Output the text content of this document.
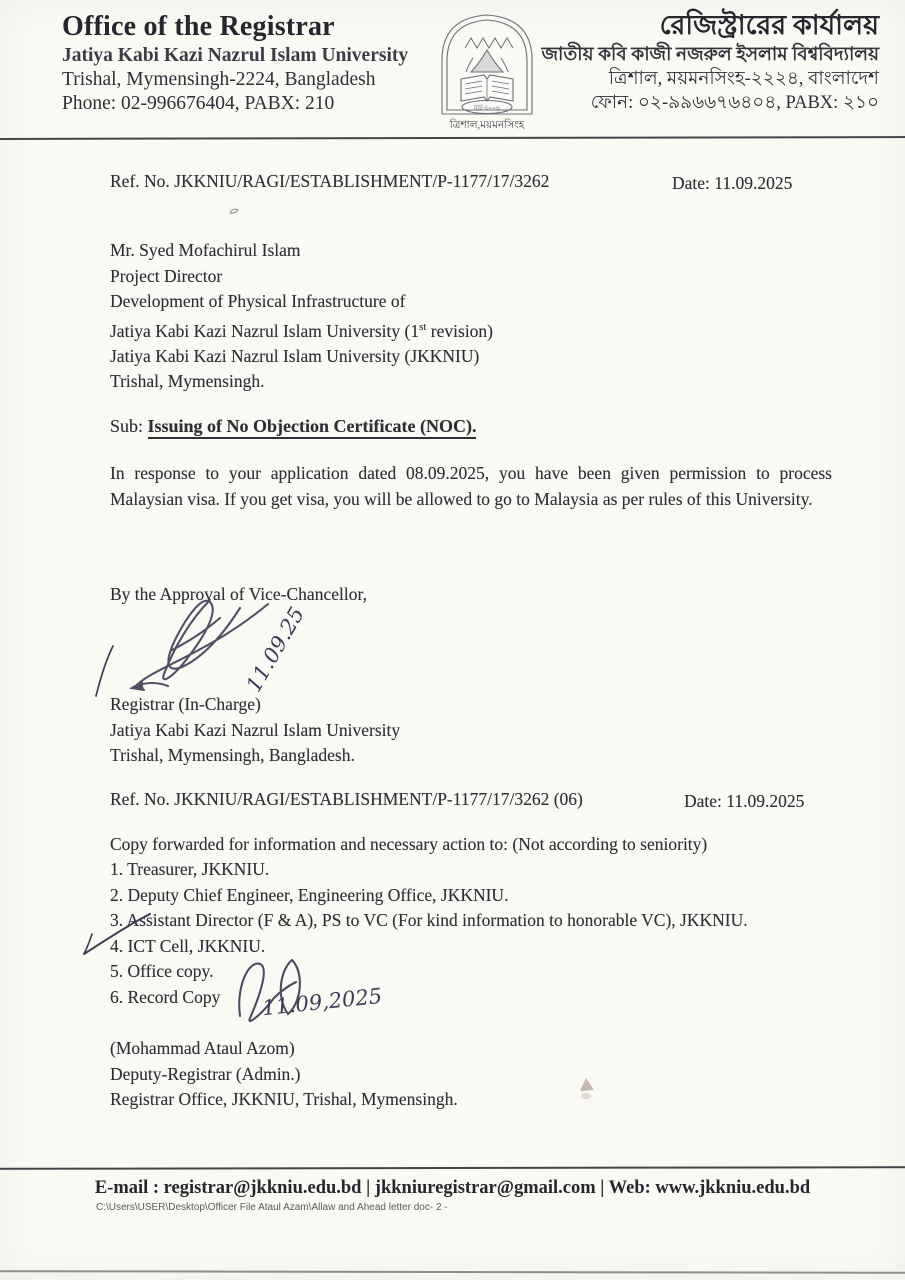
Office of the Registrar
Jatiya Kabi Kazi Nazrul Islam University
Trishal, Mymensingh-2224, Bangladesh
Phone: 02-996676404, PABX: 210	মার্চ-২০০৬
ত্রিশাল,ময়মনসিংহ
রেজিস্ট্রারের কার্যালয়
জাতীয় কবি কাজী নজরুল ইসলাম বিশ্ববিদ্যালয়
ত্রিশাল, ময়মনসিংহ-২২২৪, বাংলাদেশ
ফোন: ০২-৯৯৬৬৭৬৪০৪, PABX: ২১০
Ref. No. JKKNIU/RAGI/ESTABLISHMENT/P-1177/17/3262	Date: 11.09.2025
Mr. Syed Mofachirul Islam
Project Director
Development of Physical Infrastructure of
Jatiya Kabi Kazi Nazrul Islam University (1st revision)
Jatiya Kabi Kazi Nazrul Islam University (JKKNIU)
Trishal, Mymensingh.
Sub: Issuing of No Objection Certificate (NOC).
In response to your application dated 08.09.2025, you have been given permission to process Malaysian visa. If you get visa, you will be allowed to go to Malaysia as per rules of this University.
By the Approval of Vice-Chancellor,
11.09.25
Registrar (In-Charge)
Jatiya Kabi Kazi Nazrul Islam University
Trishal, Mymensingh, Bangladesh.
Ref. No. JKKNIU/RAGI/ESTABLISHMENT/P-1177/17/3262 (06)	Date: 11.09.2025
Copy forwarded for information and necessary action to: (Not according to seniority)
1. Treasurer, JKKNIU.
2. Deputy Chief Engineer, Engineering Office, JKKNIU.
3. Assistant Director (F & A), PS to VC (For kind information to honorable VC), JKKNIU.
4. ICT Cell, JKKNIU.
5. Office copy.
6. Record Copy	11.09,2025
(Mohammad Ataul Azom)
Deputy-Registrar (Admin.)
Registrar Office, JKKNIU, Trishal, Mymensingh.
E-mail : registrar@jkkniu.edu.bd | jkkniuregistrar@gmail.com | Web: www.jkkniu.edu.bd
C:\Users\USER\Desktop\Officer File Ataul Azam\Allaw and Ahead letter doc- 2 -
